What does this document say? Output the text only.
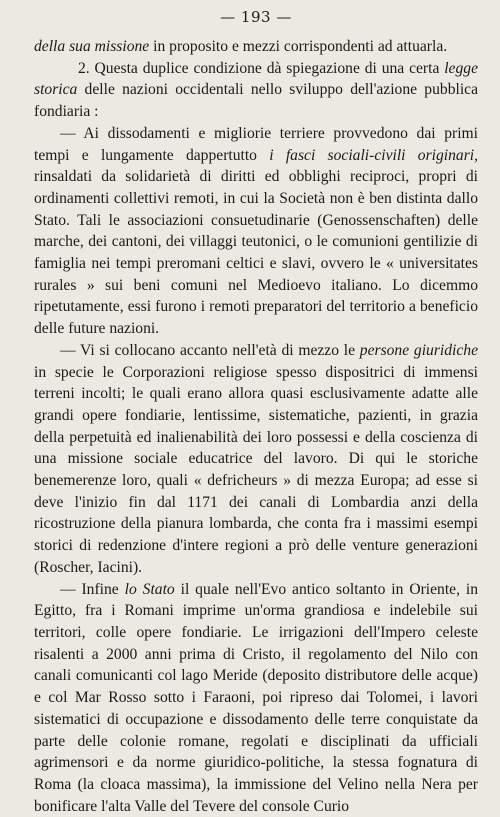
— 193 —

della sua missione in proposito e mezzi corrispondenti ad attuarla.

2. Questa duplice condizione dà spiegazione di una certa legge storica delle nazioni occidentali nello sviluppo dell'azione pubblica fondiaria :

— Ai dissodamenti e migliorie terriere provvedono dai primi tempi e lungamente dappertutto i fasci sociali-civili originari, rinsaldati da solidarietà di diritti ed obblighi reciproci, propri di ordinamenti collettivi remoti, in cui la Società non è ben distinta dallo Stato. Tali le associazioni consuetudinarie (Genossenschaften) delle marche, dei cantoni, dei villaggi teutonici, o le comunioni gentilizie di famiglia nei tempi preromani celtici e slavi, ovvero le « universitates rurales » sui beni comuni nel Medioevo italiano. Lo dicemmo ripetutamente, essi furono i remoti preparatori del territorio a beneficio delle future nazioni.

— Vi si collocano accanto nell'età di mezzo le persone giuridiche in specie le Corporazioni religiose spesso dispositrici di immensi terreni incolti; le quali erano allora quasi esclusivamente adatte alle grandi opere fondiarie, lentissime, sistematiche, pazienti, in grazia della perpetuità ed inalienabilità dei loro possessi e della coscienza di una missione sociale educatrice del lavoro. Di qui le storiche benemerenze loro, quali « defricheurs » di mezza Europa; ad esse si deve l'inizio fin dal 1171 dei canali di Lombardia anzi della ricostruzione della pianura lombarda, che conta fra i massimi esempi storici di redenzione d'intere regioni a prò delle venture generazioni (Roscher, Iacini).

— Infine lo Stato il quale nell'Evo antico soltanto in Oriente, in Egitto, fra i Romani imprime un'orma grandiosa e indelebile sui territori, colle opere fondiarie. Le irrigazioni dell'Impero celeste risalenti a 2000 anni prima di Cristo, il regolamento del Nilo con canali comunicanti col lago Meride (deposito distributore delle acque) e col Mar Rosso sotto i Faraoni, poi ripreso dai Tolomei, i lavori sistematici di occupazione e dissodamento delle terre conquistate da parte delle colonie romane, regolati e disciplinati da ufficiali agrimensori e da norme giuridico-politiche, la stessa fognatura di Roma (la cloaca massima), la immissione del Velino nella Nera per bonificare l'alta Valle del Tevere del console Curio
